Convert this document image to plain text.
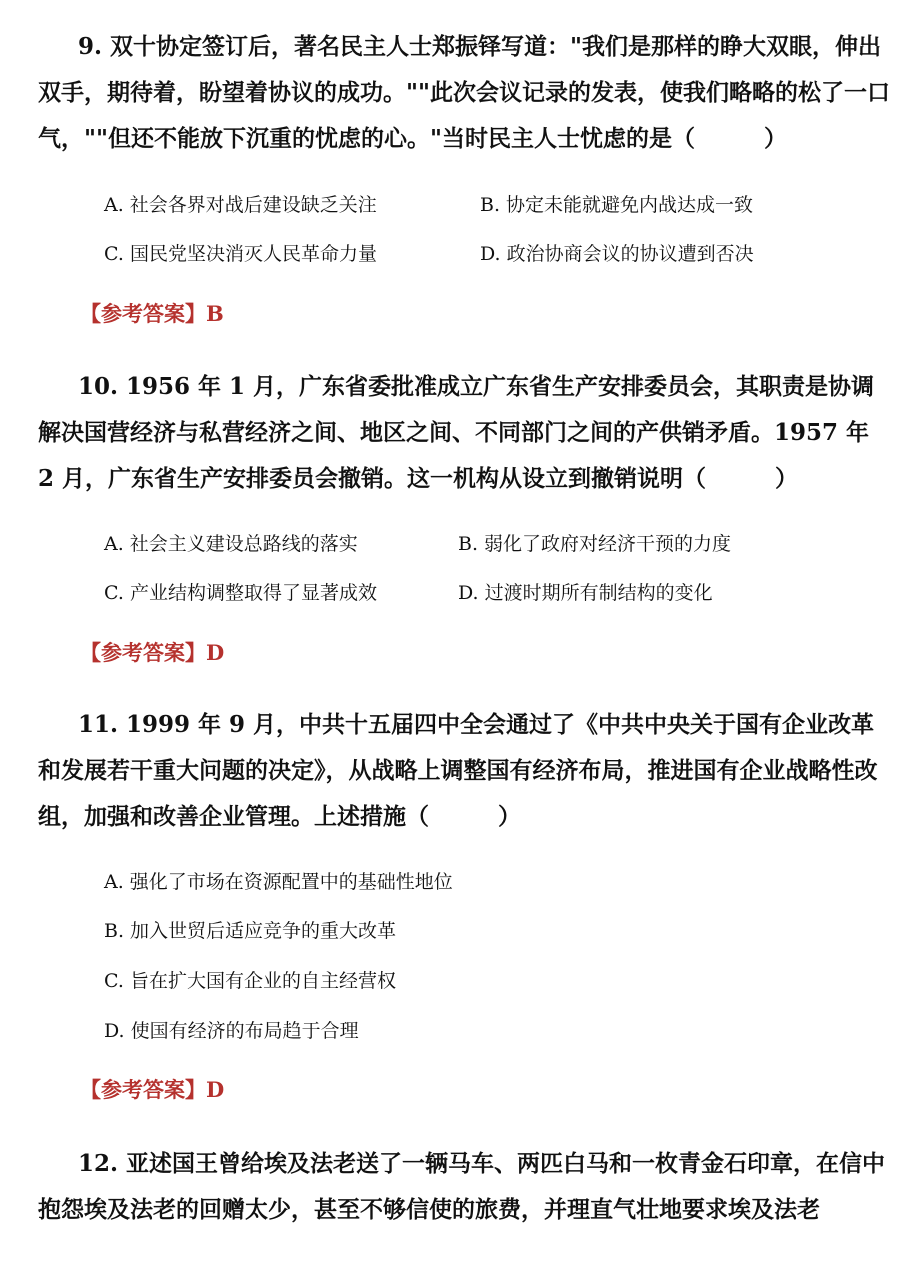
9. 双十协定签订后，著名民主人士郑振铎写道："我们是那样的睁大双眼，伸出双手，期待着，盼望着协议的成功。""此次会议记录的发表，使我们略略的松了一口气，""但还不能放下沉重的忧虑的心。"当时民主人士忧虑的是（　　　）

A. 社会各界对战后建设缺乏关注	B. 协定未能就避免内战达成一致
C. 国民党坚决消灭人民革命力量	D. 政治协商会议的协议遭到否决
【参考答案】B

10. 1956 年 1 月，广东省委批准成立广东省生产安排委员会，其职责是协调解决国营经济与私营经济之间、地区之间、不同部门之间的产供销矛盾。1957 年 2 月，广东省生产安排委员会撤销。这一机构从设立到撤销说明（　　　）

A. 社会主义建设总路线的落实	B. 弱化了政府对经济干预的力度
C. 产业结构调整取得了显著成效	D. 过渡时期所有制结构的变化
【参考答案】D

11. 1999 年 9 月，中共十五届四中全会通过了《中共中央关于国有企业改革和发展若干重大问题的决定》，从战略上调整国有经济布局，推进国有企业战略性改组，加强和改善企业管理。上述措施（　　　）

A. 强化了市场在资源配置中的基础性地位
B. 加入世贸后适应竞争的重大改革
C. 旨在扩大国有企业的自主经营权
D. 使国有经济的布局趋于合理
【参考答案】D

12. 亚述国王曾给埃及法老送了一辆马车、两匹白马和一枚青金石印章，在信中抱怨埃及法老的回赠太少，甚至不够信使的旅费，并理直气壮地要求埃及法老
